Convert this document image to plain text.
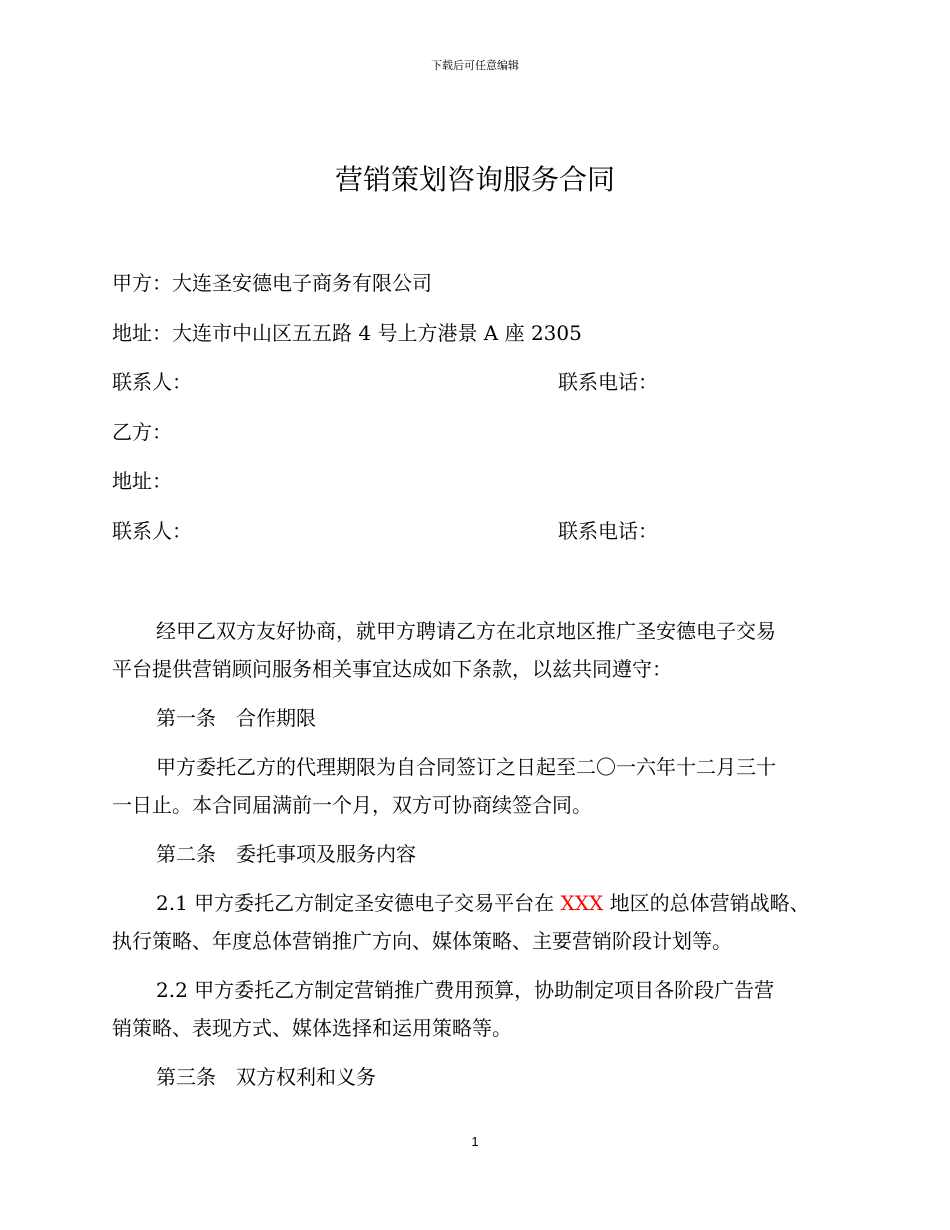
下载后可任意编辑
营销策划咨询服务合同
甲方：大连圣安德电子商务有限公司
地址：大连市中山区五五路 4 号上方港景 A 座 2305
联系人：	联系电话：
乙方：
地址：
联系人：	联系电话：
经甲乙双方友好协商，就甲方聘请乙方在北京地区推广圣安德电子交易
平台提供营销顾问服务相关事宜达成如下条款，以兹共同遵守：
第一条　合作期限
甲方委托乙方的代理期限为自合同签订之日起至二〇一六年十二月三十
一日止。本合同届满前一个月，双方可协商续签合同。
第二条　委托事项及服务内容
2.1 甲方委托乙方制定圣安德电子交易平台在 XXX 地区的总体营销战略、
执行策略、年度总体营销推广方向、媒体策略、主要营销阶段计划等。
2.2 甲方委托乙方制定营销推广费用预算，协助制定项目各阶段广告营
销策略、表现方式、媒体选择和运用策略等。
第三条　双方权利和义务
1
